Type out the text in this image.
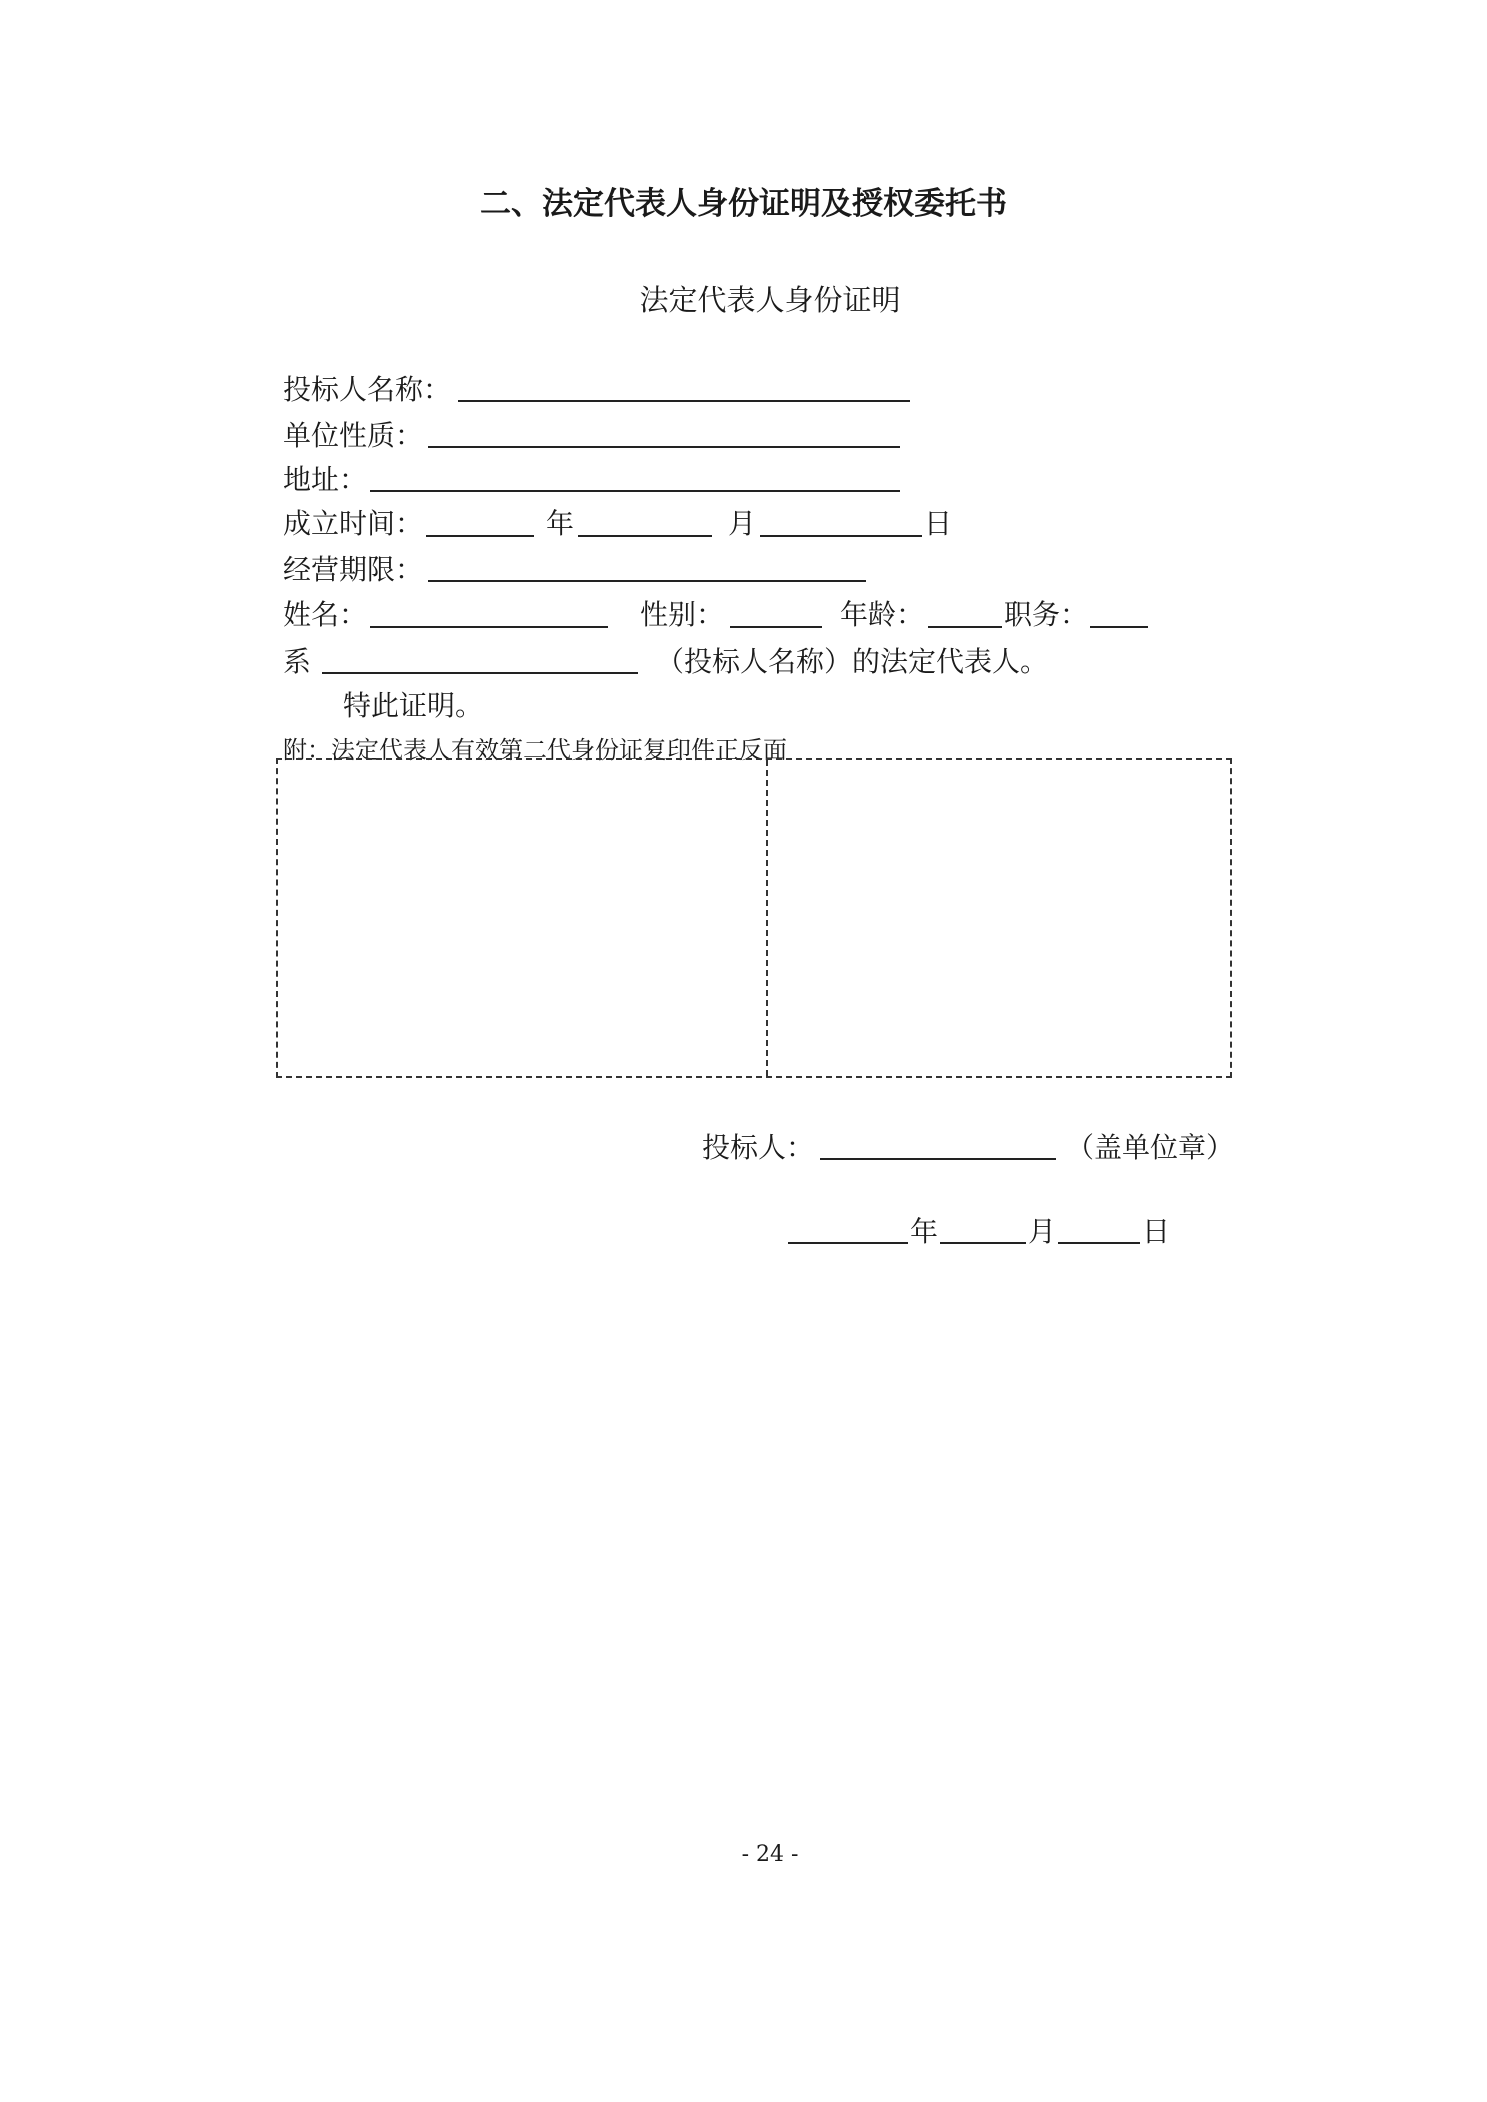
二、法定代表人身份证明及授权委托书
法定代表人身份证明
投标人名称：
单位性质：
地址：
成立时间：	年	月	日
经营期限：
姓名：	性别：	年龄：	职务：
系	（投标人名称）的法定代表人。
特此证明。
附：法定代表人有效第二代身份证复印件正反面
投标人：	（盖单位章）
年	月	日
- 24 -
